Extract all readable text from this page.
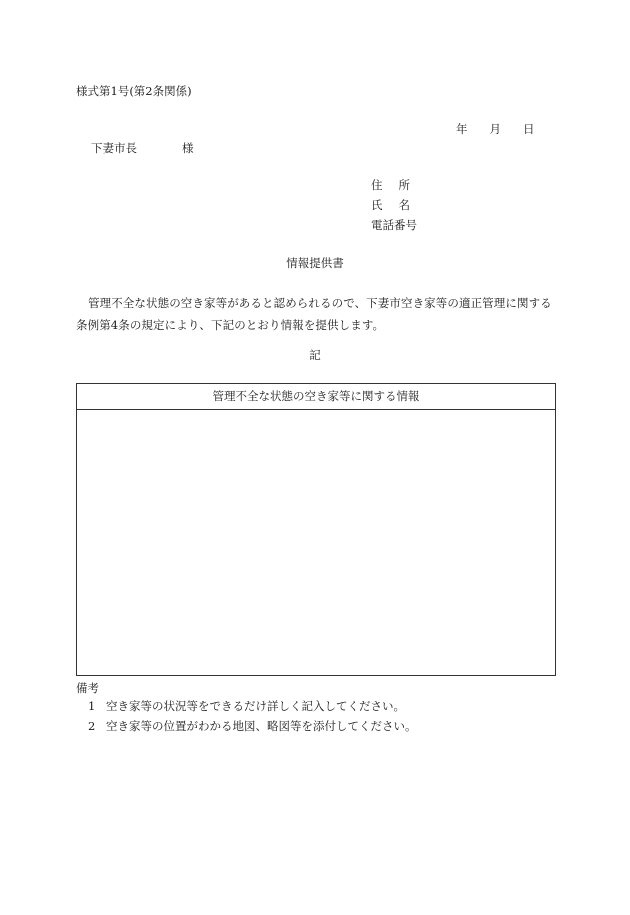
様式第1号(第2条関係)
年 月 日
下妻市長	様
住所
氏名
電話番号
情報提供書
管理不全な状態の空き家等があると認められるので、下妻市空き家等の適正管理に関する条例第4条の規定により、下記のとおり情報を提供します。
記
管理不全な状態の空き家等に関する情報
備考
1 空き家等の状況等をできるだけ詳しく記入してください。
2 空き家等の位置がわかる地図、略図等を添付してください。
